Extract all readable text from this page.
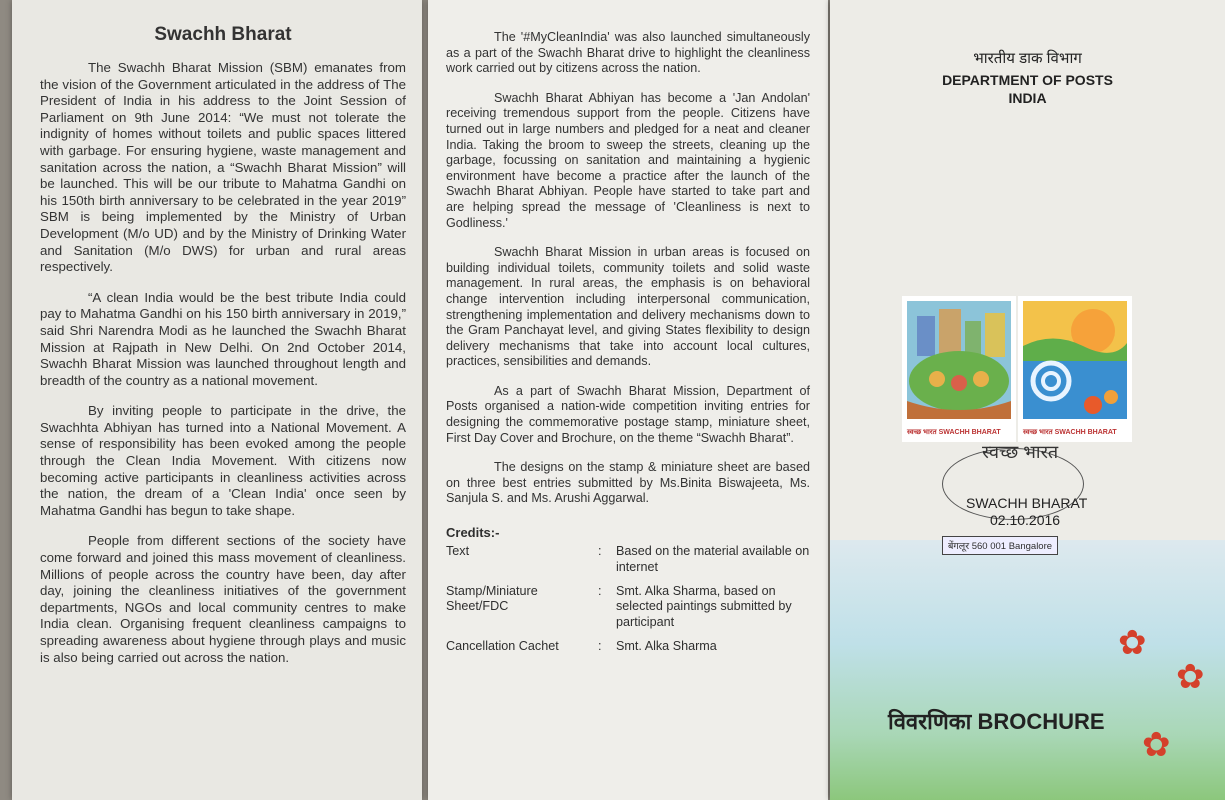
Swachh Bharat

The Swachh Bharat Mission (SBM) emanates from the vision of the Government articulated in the address of The President of India in his address to the Joint Session of Parliament on 9th June 2014: “We must not tolerate the indignity of homes without toilets and public spaces littered with garbage. For ensuring hygiene, waste management and sanitation across the nation, a “Swachh Bharat Mission” will be launched. This will be our tribute to Mahatma Gandhi on his 150th birth anniversary to be celebrated in the year 2019” SBM is being implemented by the Ministry of Urban Development (M/o UD) and by the Ministry of Drinking Water and Sanitation (M/o DWS) for urban and rural areas respectively.

“A clean India would be the best tribute India could pay to Mahatma Gandhi on his 150 birth anniversary in 2019,” said Shri Narendra Modi as he launched the Swachh Bharat Mission at Rajpath in New Delhi. On 2nd October 2014, Swachh Bharat Mission was launched throughout length and breadth of the country as a national movement.

By inviting people to participate in the drive, the Swachhta Abhiyan has turned into a National Movement. A sense of responsibility has been evoked among the people through the Clean India Movement. With citizens now becoming active participants in cleanliness activities across the nation, the dream of a 'Clean India' once seen by Mahatma Gandhi has begun to take shape.

People from different sections of the society have come forward and joined this mass movement of cleanliness. Millions of people across the country have been, day after day, joining the cleanliness initiatives of the government departments, NGOs and local community centres to make India clean. Organising frequent cleanliness campaigns to spreading awareness about hygiene through plays and music is also being carried out across the nation.

The '#MyCleanIndia' was also launched simultaneously as a part of the Swachh Bharat drive to highlight the cleanliness work carried out by citizens across the nation.

Swachh Bharat Abhiyan has become a 'Jan Andolan' receiving tremendous support from the people. Citizens have turned out in large numbers and pledged for a neat and cleaner India. Taking the broom to sweep the streets, cleaning up the garbage, focussing on sanitation and maintaining a hygienic environment have become a practice after the launch of the Swachh Bharat Abhiyan. People have started to take part and are helping spread the message of 'Cleanliness is next to Godliness.'

Swachh Bharat Mission in urban areas is focused on building individual toilets, community toilets and solid waste management. In rural areas, the emphasis is on behavioral change intervention including interpersonal communication, strengthening implementation and delivery mechanisms down to the Gram Panchayat level, and giving States flexibility to design delivery mechanisms that take into account local cultures, practices, sensibilities and demands.

As a part of Swachh Bharat Mission, Department of Posts organised a nation-wide competition inviting entries for designing the commemorative postage stamp, miniature sheet, First Day Cover and Brochure, on the theme “Swachh Bharat”.

The designs on the stamp & miniature sheet are based on three best entries submitted by Ms.Binita Biswajeeta, Ms. Sanjula S. and Ms. Arushi Aggarwal.

Credits:-
Text	:	Based on the material available on internet
Stamp/Miniature Sheet/FDC
:	Smt. Alka Sharma, based on selected paintings submitted by participant
Cancellation Cachet	:	Smt. Alka Sharma
भारतीय डाक विभाग
DEPARTMENT OF POSTS
INDIA
स्वच्छ भारत SWACHH BHARAT	स्वच्छ भारत SWACHH BHARAT
स्वच्छ भारत
SWACHH BHARAT
02.10.2016
बेंगलूर 560 001 Bangalore
✿
✿
✿
विवरणिका BROCHURE
